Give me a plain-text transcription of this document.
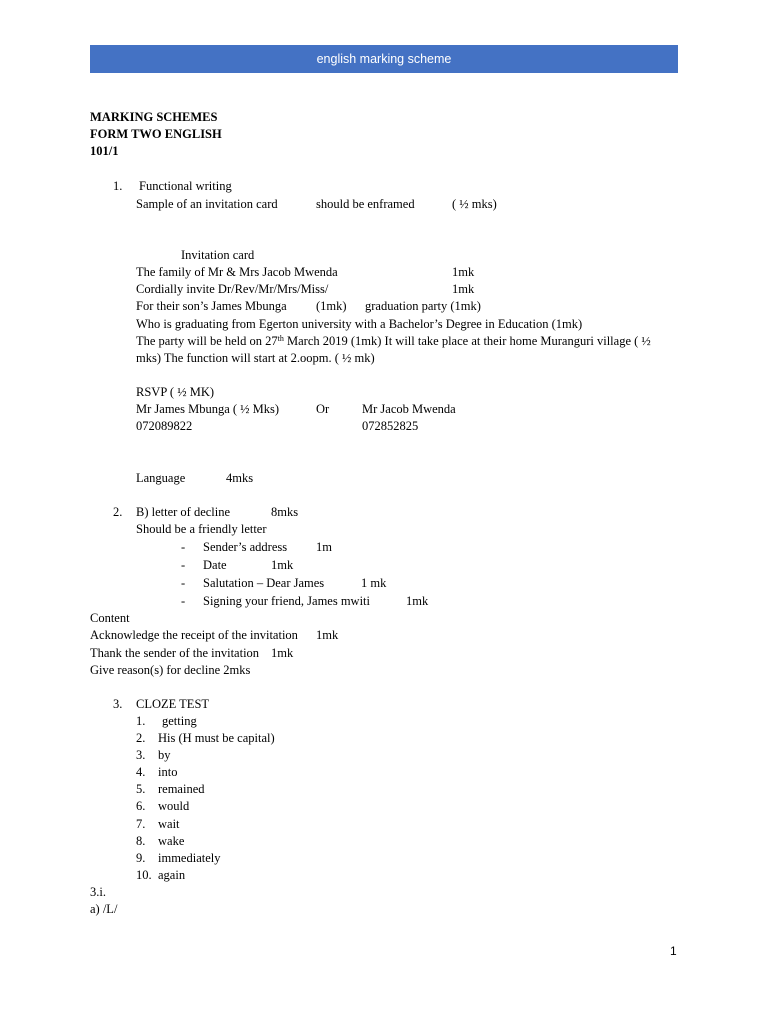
english marking scheme
MARKING SCHEMES
FORM TWO ENGLISH
101/1
1. Functional writing
Sample of an invitation card	should be enframed	( ½ mks)
Invitation card
The family of Mr & Mrs Jacob Mwenda	1mk
Cordially invite Dr/Rev/Mr/Mrs/Miss/	1mk
For their son’s James Mbunga (1mk) graduation party (1mk)
Who is graduating from Egerton university with a Bachelor’s Degree in Education (1mk)
The party will be held on 27th March 2019 (1mk) It will take place at their home Muranguri village ( ½
mks) The function will start at 2.oopm. ( ½ mk)
RSVP ( ½ MK)
Mr James Mbunga ( ½ Mks)	Or	Mr Jacob Mwenda
072089822	072852825
Language	4mks
2. B) letter of decline	8mks
Should be a friendly letter
- Sender’s address 1m
- Date	1mk
- Salutation – Dear James	1 mk
- Signing your friend, James mwiti	1mk
Content
Acknowledge the receipt of the invitation 1mk
Thank the sender of the invitation 1mk
Give reason(s) for decline 2mks
3. CLOZE TEST
1. getting
2. His (H must be capital)
3. by
4. into
5. remained
6. would
7. wait
8. wake
9. immediately
10. again
3.i.
a) /L/
1
